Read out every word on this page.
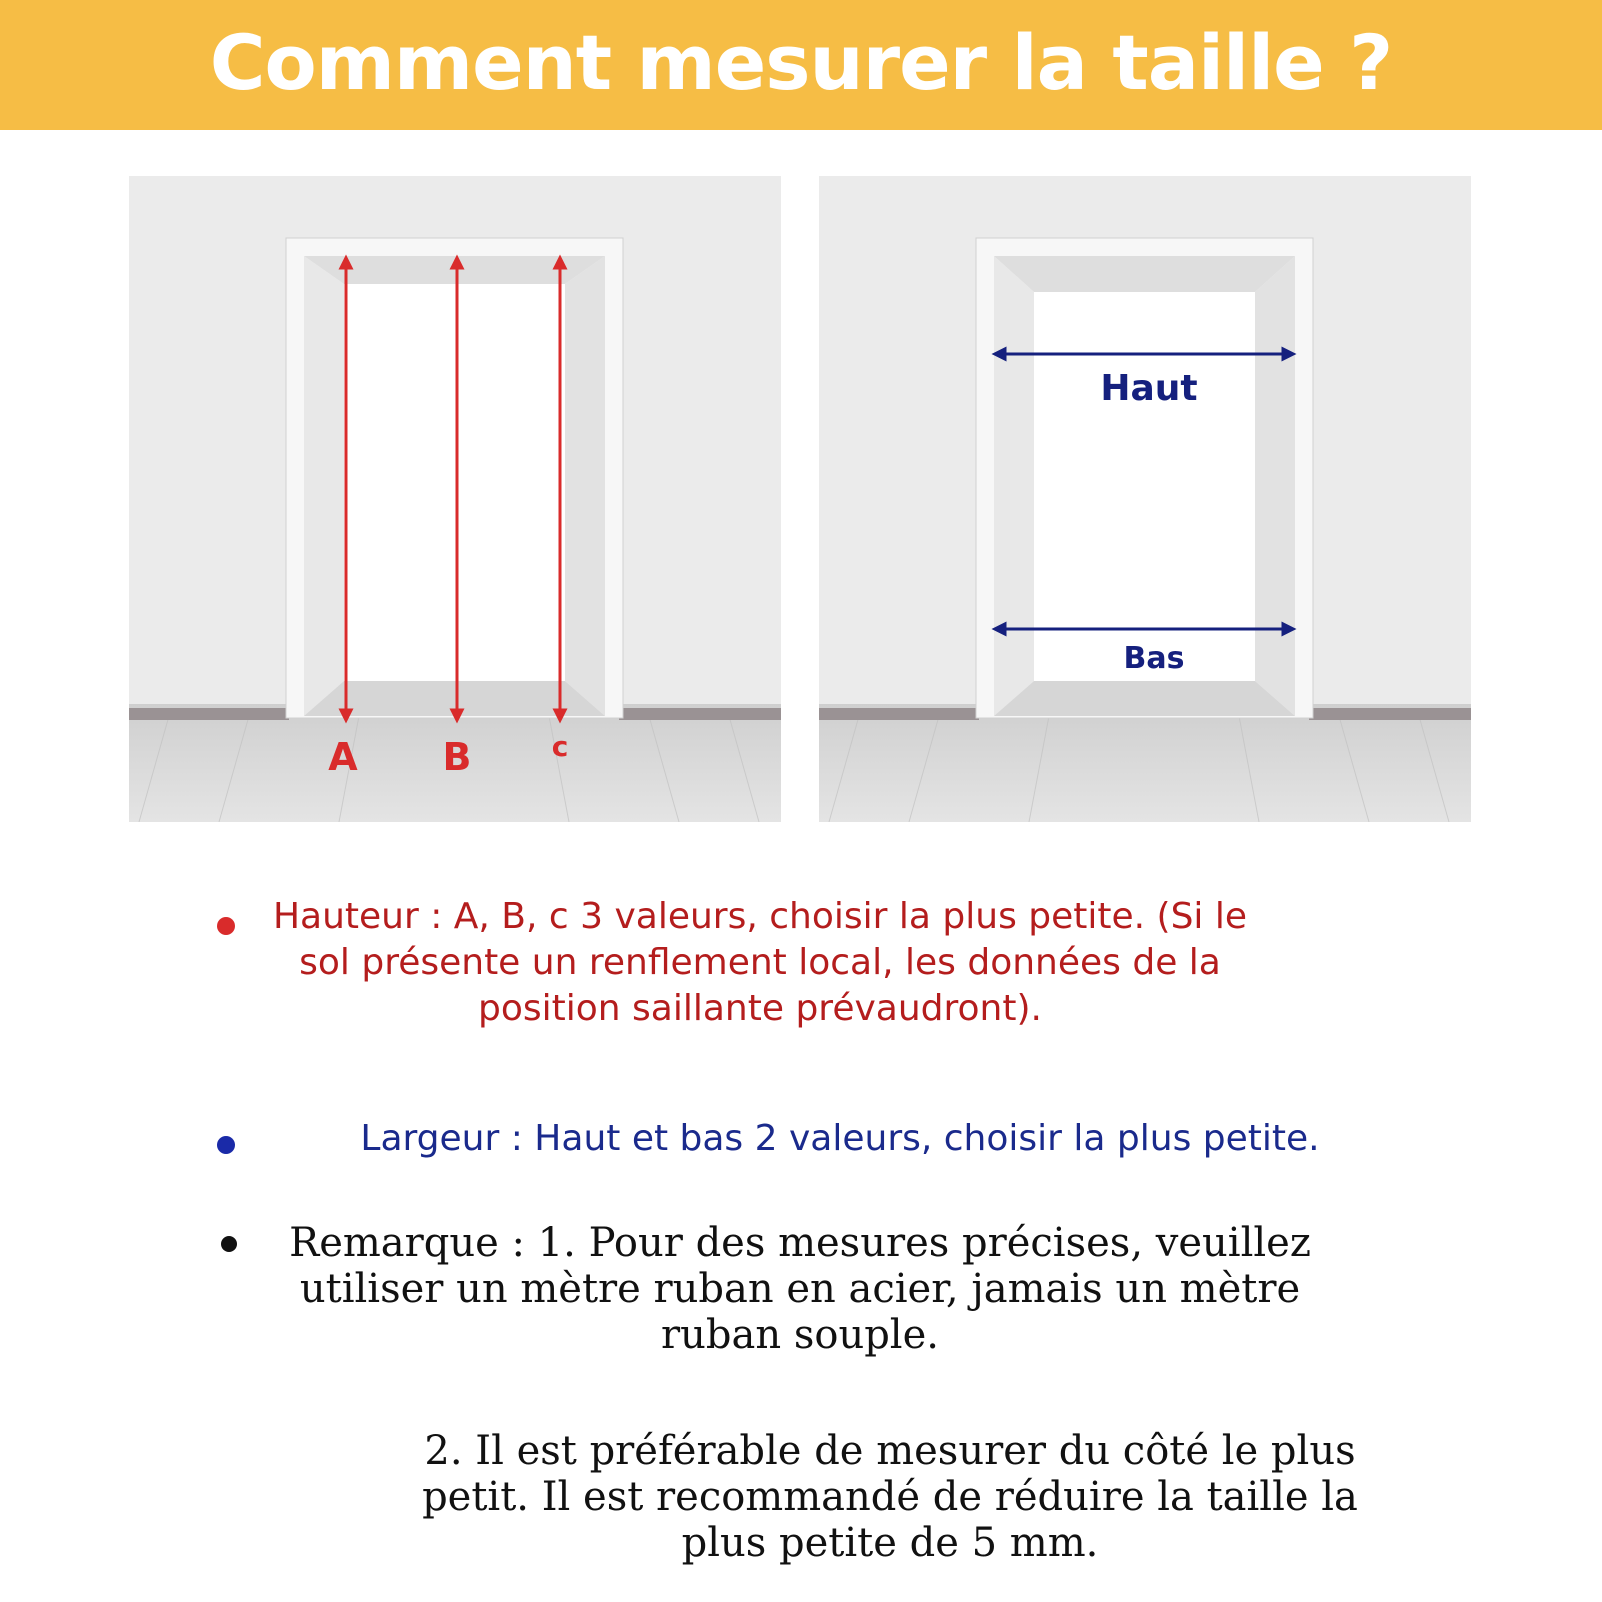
Comment mesurer la taille ?
A B	c
Haut
Bas
Hauteur : A, B, c 3 valeurs, choisir la plus petite. (Si le
sol présente un renflement local, les données de la
position saillante prévaudront).
Largeur : Haut et bas 2 valeurs, choisir la plus petite.
Remarque : 1. Pour des mesures précises, veuillez
utiliser un mètre ruban en acier, jamais un mètre
ruban souple.
2. Il est préférable de mesurer du côté le plus
petit. Il est recommandé de réduire la taille la
plus petite de 5 mm.
